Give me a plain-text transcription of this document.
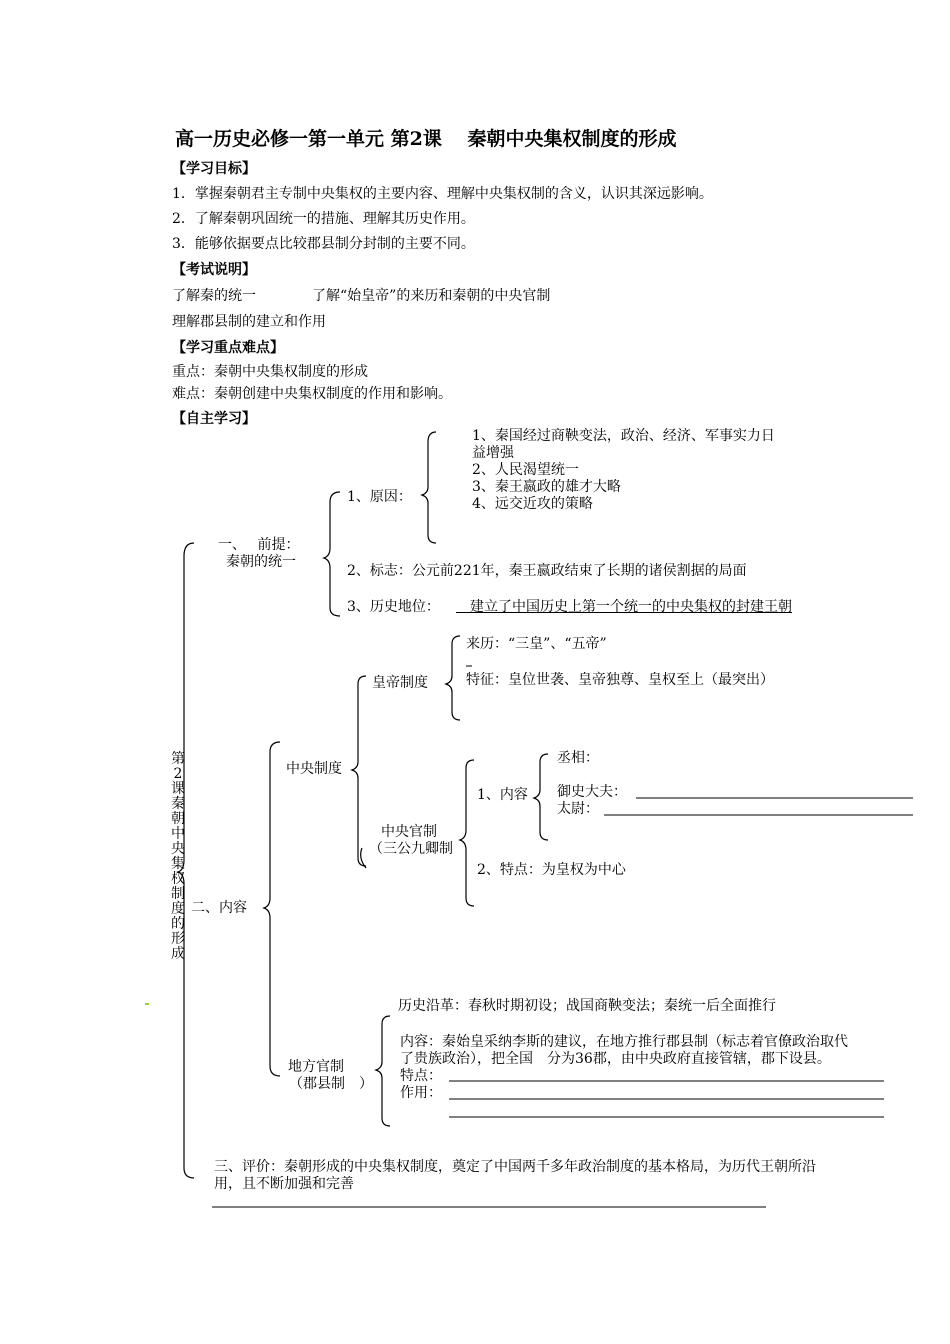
高一历史必修一第一单元 第2课　 秦朝中央集权制度的形成
【学习目标】
1．掌握秦朝君主专制中央集权的主要内容、理解中央集权制的含义，认识其深远影响。
2．了解秦朝巩固统一的措施、理解其历史作用。
3．能够依据要点比较郡县制分封制的主要不同。
【考试说明】
了解秦的统一	了解“始皇帝”的来历和秦朝的中央官制
理解郡县制的建立和作用
【学习重点难点】
重点：秦朝中央集权制度的形成
难点：秦朝创建中央集权制度的作用和影响。
【自主学习】
第2课　秦朝中央集权制度的形成
一、　 前提：
秦朝的统一
1、原因：
1、秦国经过商鞅变法，政治、经济、军事实力日
益增强
2、人民渴望统一
3、秦王嬴政的雄才大略
4、远交近攻的策略
2、标志：公元前221年，秦王嬴政结束了长期的诸侯割据的局面
3、历史地位：
　	建立了中国历史上第一个统一的中央集权的封建王朝
二、内容
中央制度
皇帝制度
来历：“三皇”、“五帝”
特征：皇位世袭、皇帝独尊、皇权至上（最突出）
中央官制
（三公九卿制
1、内容
丞相：
御史大夫：
太尉：
2、特点：为皇权为中心
地方官制
（郡县制　）
历史沿革：春秋时期初设；战国商鞅变法；秦统一后全面推行
内容：秦始皇采纳李斯的建议，在地方推行郡县制（标志着官僚政治取代
了贵族政治），把全国　分为36郡，由中央政府直接管辖，郡下设县。
特点：
作用：
三、评价：秦朝形成的中央集权制度，奠定了中国两千多年政治制度的基本格局，为历代王朝所沿
用，且不断加强和完善
